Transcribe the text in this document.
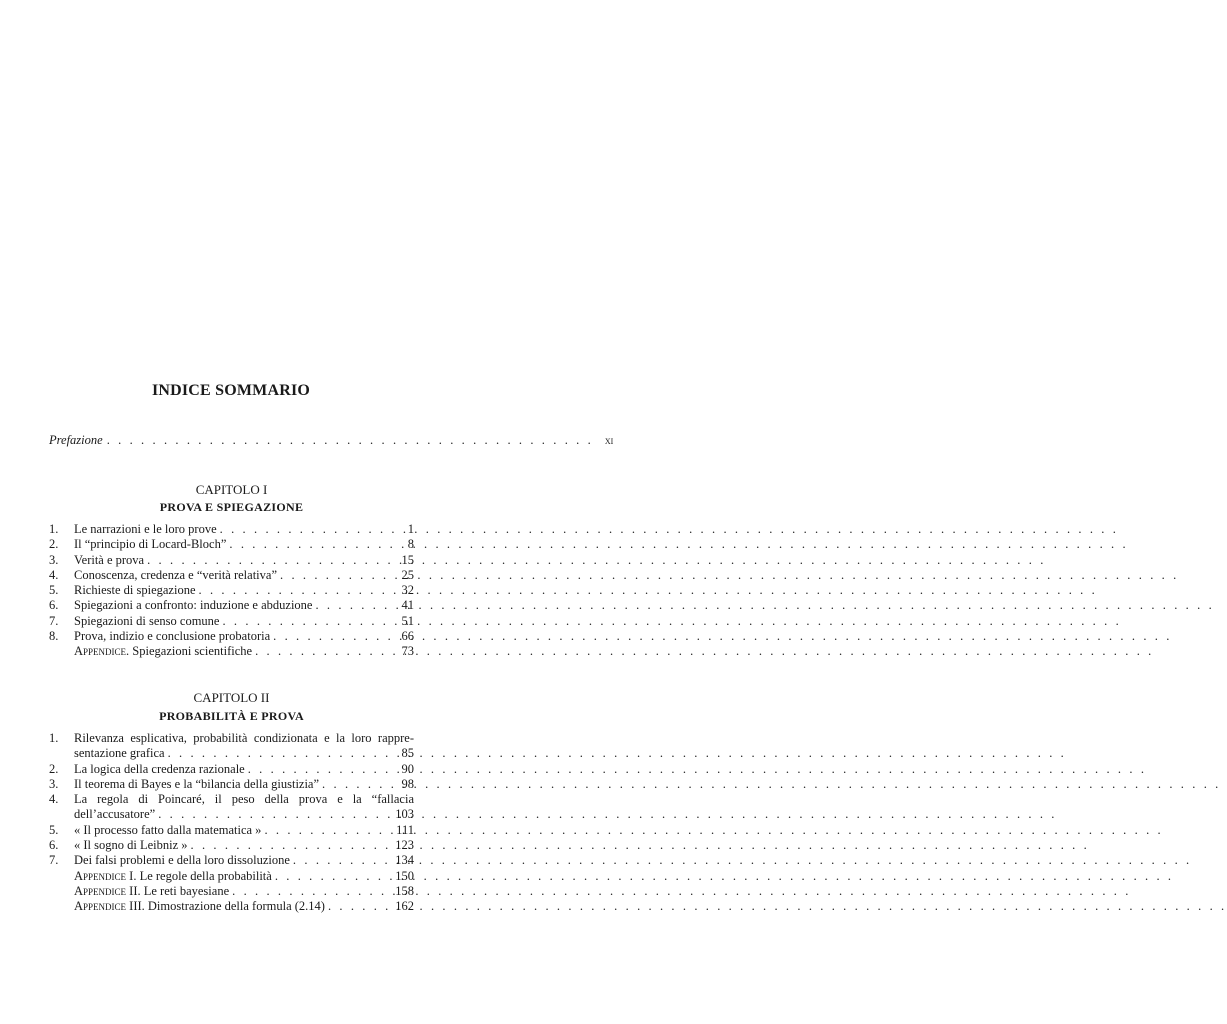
INDICE SOMMARIO
Prefazione . . . . . . . . . . . . . . . . . . . . . . . . . . . . . . . . . . . . . . . . . . . xi
CAPITOLO I
PROVA E SPIEGAZIONE
1.	Le narrazioni e le loro prove . . .	1
2.	Il “principio di Locard-Bloch” . . .	8
3.	Verità e prova . . .	15
4.	Conoscenza, credenza e “verità relativa” . . .	25
5.	Richieste di spiegazione . . .	32
6.	Spiegazioni a confronto: induzione e abduzione . . .	41
7.	Spiegazioni di senso comune . . .	51
8.	Prova, indizio e conclusione probatoria . . .	66
Appendice. Spiegazioni scientifiche . . .	73
CAPITOLO II
PROBABILITÀ E PROVA
1.	Rilevanza esplicativa, probabilità condizionata e la loro rappre-
sentazione grafica . . .	85
2.	La logica della credenza razionale . . .	90
3.	Il teorema di Bayes e la “bilancia della giustizia” . . .	98
4.	La regola di Poincaré, il peso della prova e la “fallacia
dell’accusatore” . . .	103
5.	« Il processo fatto dalla matematica » . . .	111
6.	« Il sogno di Leibniz » . . .	123
7.	Dei falsi problemi e della loro dissoluzione . . .	134
Appendice I. Le regole della probabilità . . .	150
Appendice II. Le reti bayesiane . . .	158
Appendice III. Dimostrazione della formula (2.14) . . .	162
